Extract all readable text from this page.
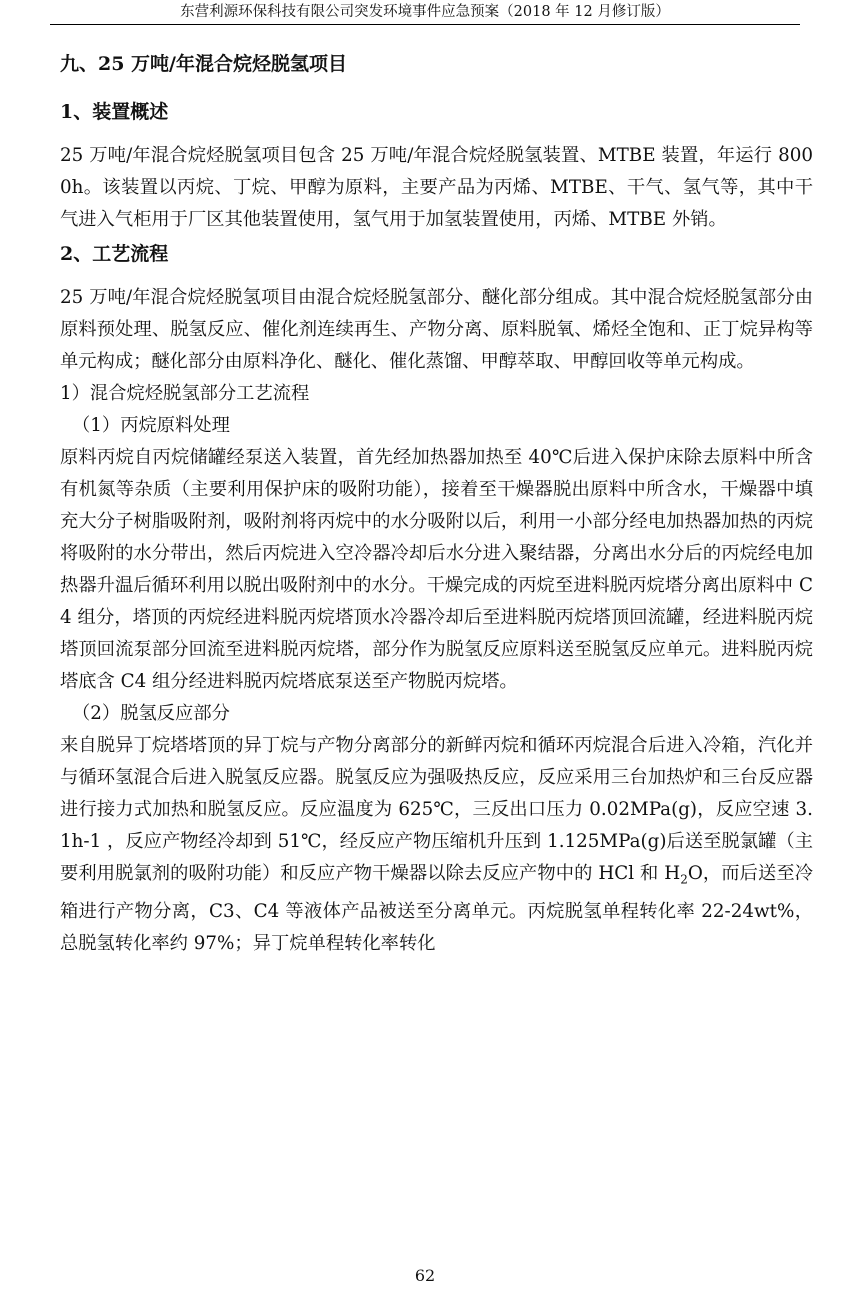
东营利源环保科技有限公司突发环境事件应急预案（2018 年 12 月修订版）

九、25 万吨/年混合烷烃脱氢项目

1、装置概述

25 万吨/年混合烷烃脱氢项目包含 25 万吨/年混合烷烃脱氢装置、MTBE 装置，年运行 8000h。该装置以丙烷、丁烷、甲醇为原料，主要产品为丙烯、MTBE、干气、氢气等，其中干气进入气柜用于厂区其他装置使用，氢气用于加氢装置使用，丙烯、MTBE 外销。

2、工艺流程

25 万吨/年混合烷烃脱氢项目由混合烷烃脱氢部分、醚化部分组成。其中混合烷烃脱氢部分由原料预处理、脱氢反应、催化剂连续再生、产物分离、原料脱氧、烯烃全饱和、正丁烷异构等单元构成；醚化部分由原料净化、醚化、催化蒸馏、甲醇萃取、甲醇回收等单元构成。

1）混合烷烃脱氢部分工艺流程

（1）丙烷原料处理

原料丙烷自丙烷储罐经泵送入装置，首先经加热器加热至 40℃后进入保护床除去原料中所含有机氮等杂质（主要利用保护床的吸附功能），接着至干燥器脱出原料中所含水，干燥器中填充大分子树脂吸附剂，吸附剂将丙烷中的水分吸附以后，利用一小部分经电加热器加热的丙烷将吸附的水分带出，然后丙烷进入空冷器冷却后水分进入聚结器，分离出水分后的丙烷经电加热器升温后循环利用以脱出吸附剂中的水分。干燥完成的丙烷至进料脱丙烷塔分离出原料中 C4 组分，塔顶的丙烷经进料脱丙烷塔顶水冷器冷却后至进料脱丙烷塔顶回流罐，经进料脱丙烷塔顶回流泵部分回流至进料脱丙烷塔，部分作为脱氢反应原料送至脱氢反应单元。进料脱丙烷塔底含 C4 组分经进料脱丙烷塔底泵送至产物脱丙烷塔。

（2）脱氢反应部分

来自脱异丁烷塔塔顶的异丁烷与产物分离部分的新鲜丙烷和循环丙烷混合后进入冷箱，汽化并与循环氢混合后进入脱氢反应器。脱氢反应为强吸热反应，反应采用三台加热炉和三台反应器进行接力式加热和脱氢反应。反应温度为 625℃，三反出口压力 0.02MPa(g)，反应空速 3.1h-1 ，反应产物经冷却到 51℃，经反应产物压缩机升压到 1.125MPa(g)后送至脱氯罐（主要利用脱氯剂的吸附功能）和反应产物干燥器以除去反应产物中的 HCl 和 $H_2O$，而后送至冷箱进行产物分离，C3、C4 等液体产品被送至分离单元。丙烷脱氢单程转化率 22-24wt%，总脱氢转化率约 97%；异丁烷单程转化率转化

62
